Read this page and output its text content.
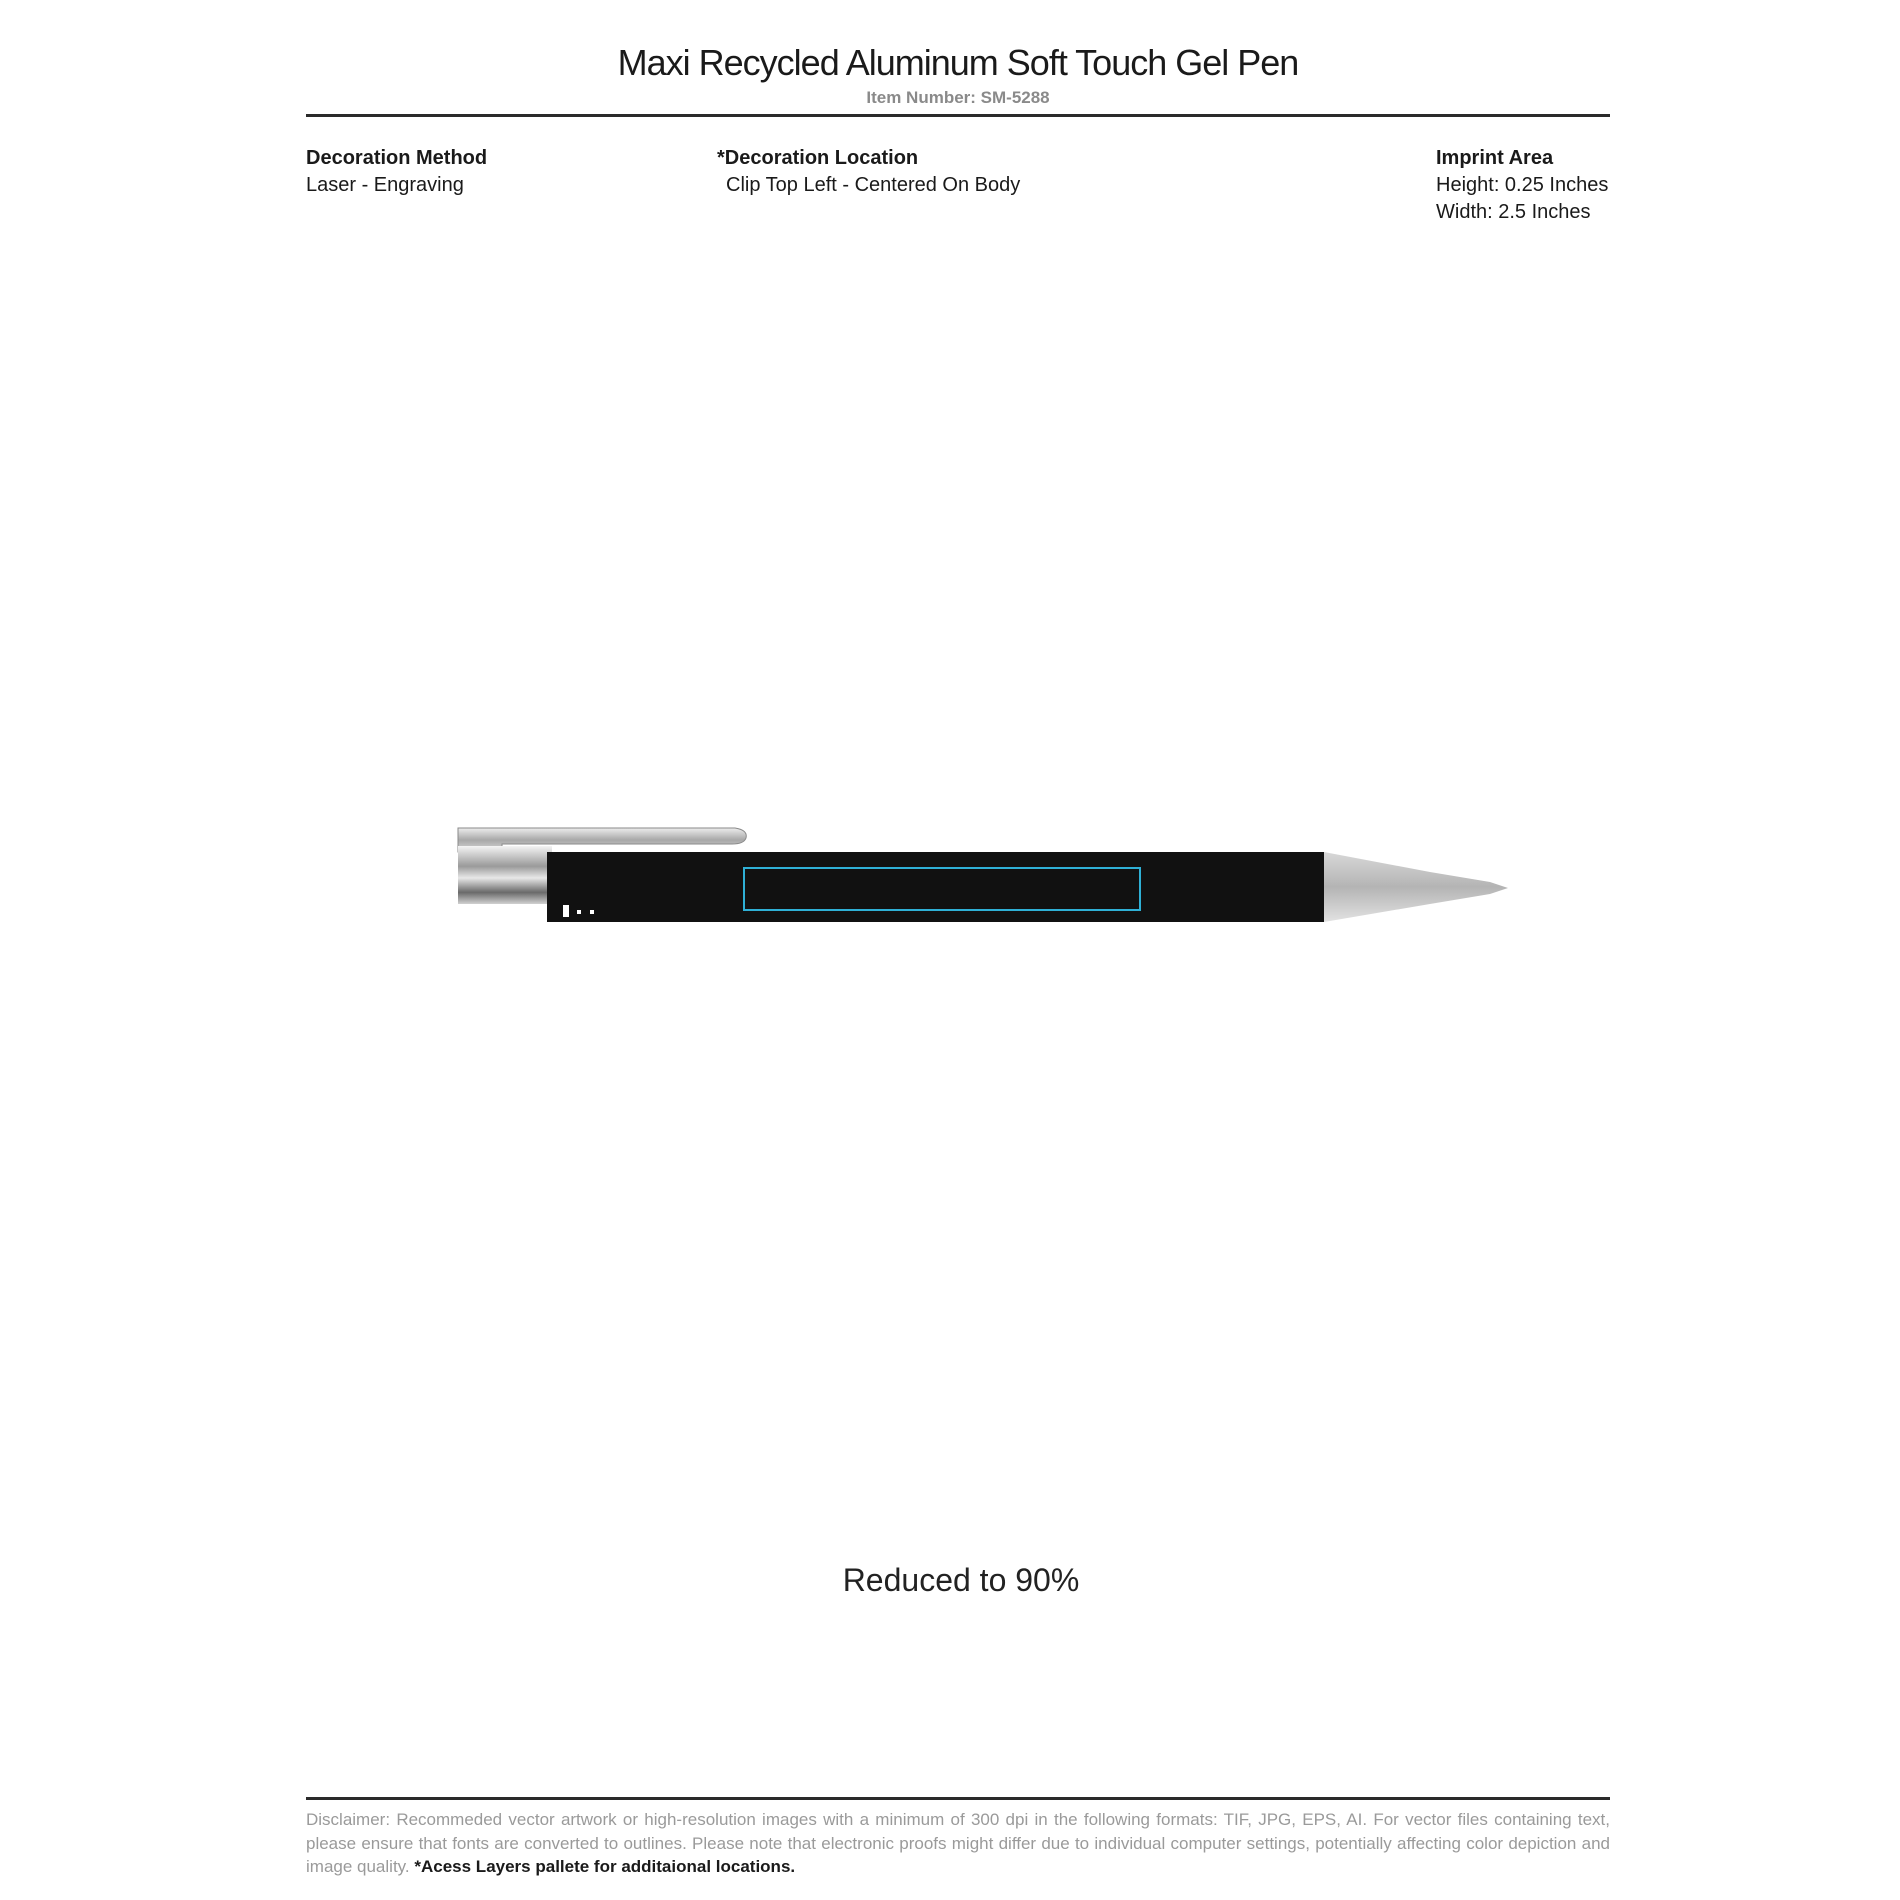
Maxi Recycled Aluminum Soft Touch Gel Pen
Item Number: SM-5288
Decoration Method
Laser - Engraving
*Decoration Location
Clip Top Left - Centered On Body
Imprint Area
Height: 0.25 Inches
Width: 2.5 Inches
Reduced to 90%
Disclaimer: Recommeded vector artwork or high-resolution images with a minimum of 300 dpi in the following formats: TIF, JPG, EPS, AI. For vector files containing text, please ensure that fonts are converted to outlines. Please note that electronic proofs might differ due to individual computer settings, potentially affecting color depiction and image quality. *Acess Layers pallete for additaional locations.
